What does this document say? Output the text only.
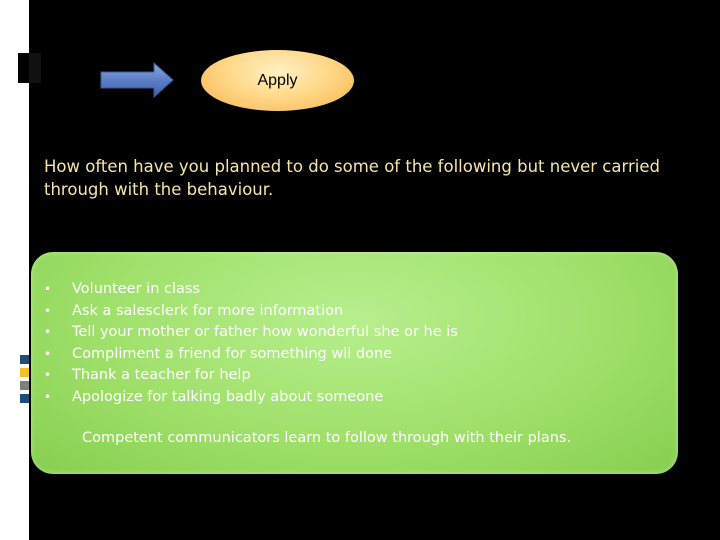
Apply
How often have you planned to do some of the following but never carried through with the behaviour.
• Volunteer in class
• Ask a salesclerk for more information
• Tell your mother or father how wonderful she or he is
• Compliment a friend for something wll done
• Thank a teacher for help
• Apologize for talking badly about someone
Competent communicators learn to follow through with their plans.
